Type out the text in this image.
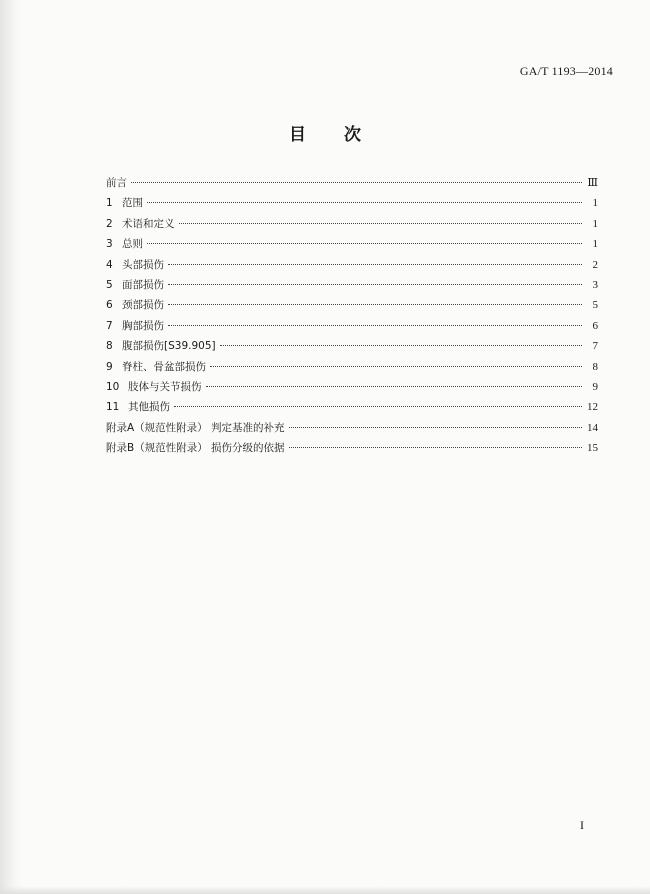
GA/T 1193—2014
目次
前言	Ⅲ
1 范围	1
2 术语和定义	1
3 总则	1
4 头部损伤	2
5 面部损伤	3
6 颈部损伤	5
7 胸部损伤	6
8 腹部损伤[S39.905]	7
9 脊柱、骨盆部损伤	8
10 肢体与关节损伤	9
11 其他损伤	12
附录A（规范性附录） 判定基准的补充	14
附录B（规范性附录） 损伤分级的依据	15
I
